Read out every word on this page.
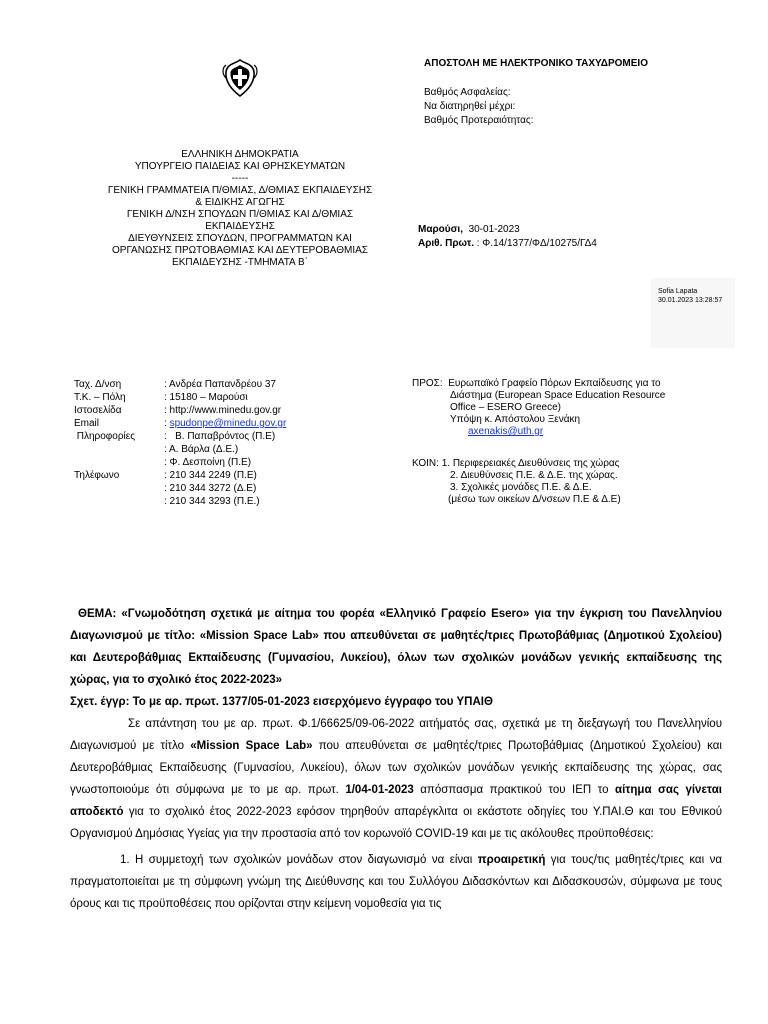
ΑΠΟΣΤΟΛΗ ΜΕ ΗΛΕΚΤΡΟΝΙΚΟ ΤΑΧΥΔΡΟΜΕΙΟ
Βαθμός Ασφαλείας:
Να διατηρηθεί μέχρι:
Βαθμός Προτεραιότητας:
ΕΛΛΗΝΙΚΗ ΔΗΜΟΚΡΑΤΙΑ
ΥΠΟΥΡΓΕΙΟ ΠΑΙΔΕΙΑΣ ΚΑΙ ΘΡΗΣΚΕΥΜΑΤΩΝ
-----
ΓΕΝΙΚΗ ΓΡΑΜΜΑΤΕΙΑ Π/ΘΜΙΑΣ, Δ/ΘΜΙΑΣ ΕΚΠΑΙΔΕΥΣΗΣ
& ΕΙΔΙΚΗΣ ΑΓΩΓΗΣ
ΓΕΝΙΚΗ Δ/ΝΣΗ ΣΠΟΥΔΩΝ Π/ΘΜΙΑΣ ΚΑΙ Δ/ΘΜΙΑΣ
ΕΚΠΑΙΔΕΥΣΗΣ
ΔΙΕΥΘΥΝΣΕΙΣ ΣΠΟΥΔΩΝ, ΠΡΟΓΡΑΜΜΑΤΩΝ ΚΑΙ
ΟΡΓΑΝΩΣΗΣ ΠΡΩΤΟΒΑΘΜΙΑΣ ΚΑΙ ΔΕΥΤΕΡΟΒΑΘΜΙΑΣ
ΕΚΠΑΙΔΕΥΣΗΣ -ΤΜΗΜΑΤΑ Β΄
Μαρούσι, 30-01-2023
Αριθ. Πρωτ. : Φ.14/1377/ΦΔ/10275/ΓΔ4
Sofia Lapata
30.01.2023 13:28:57
Ταχ. Δ/νση	: Ανδρέα Παπανδρέου 37
Τ.Κ. – Πόλη	: 15180 – Μαρούσι
Ιστοσελίδα	: http://www.minedu.gov.gr
Email	: spudonpe@minedu.gov.gr
Πληροφορίες	:   Β. Παπαβρόντος (Π.Ε)
: Α. Βάρλα (Δ.Ε.)
: Φ. Δεσποίνη (Π.Ε)
Τηλέφωνο	: 210 344 2249 (Π.Ε)
: 210 344 3272 (Δ.Ε)
: 210 344 3293 (Π.Ε.)
ΠΡΟΣ: Ευρωπαϊκό Γραφείο Πόρων Εκπαίδευσης για το
Διάστημα (European Space Education Resource
Office – ESERO Greece)
Υπόψη κ. Απόστολου Ξενάκη
axenakis@uth.gr
ΚΟΙΝ: 1. Περιφερειακές Διευθύνσεις της χώρας
2. Διευθύνσεις Π.Ε. & Δ.Ε. της χώρας.
3. Σχολικές μονάδες Π.Ε. & Δ.Ε.
(μέσω των οικείων Δ/νσεων Π.Ε & Δ.Ε)

ΘΕΜΑ: «Γνωμοδότηση σχετικά με αίτημα του φορέα «Ελληνικό Γραφείο Esero» για την έγκριση του Πανελληνίου Διαγωνισμού με τίτλο: «Mission Space Lab» που απευθύνεται σε μαθητές/τριες Πρωτοβάθμιας (Δημοτικού Σχολείου) και Δευτεροβάθμιας Εκπαίδευσης (Γυμνασίου, Λυκείου), όλων των σχολικών μονάδων γενικής εκπαίδευσης της χώρας, για το σχολικό έτος 2022-2023»

Σχετ. έγγρ: Το με αρ. πρωτ. 1377/05-01-2023 εισερχόμενο έγγραφο του ΥΠΑΙΘ

Σε απάντηση του με αρ. πρωτ. Φ.1/66625/09-06-2022 αιτήματός σας, σχετικά με τη διεξαγωγή του Πανελληνίου Διαγωνισμού με τίτλο «Mission Space Lab» που απευθύνεται σε μαθητές/τριες Πρωτοβάθμιας (Δημοτικού Σχολείου) και Δευτεροβάθμιας Εκπαίδευσης (Γυμνασίου, Λυκείου), όλων των σχολικών μονάδων γενικής εκπαίδευσης της χώρας, σας γνωστοποιούμε ότι σύμφωνα με το με αρ. πρωτ. 1/04-01-2023 απόσπασμα πρακτικού του ΙΕΠ το αίτημα σας γίνεται αποδεκτό για το σχολικό έτος 2022-2023 εφόσον τηρηθούν απαρέγκλιτα οι εκάστοτε οδηγίες του Υ.ΠΑΙ.Θ και του Εθνικού Οργανισμού Δημόσιας Υγείας για την προστασία από τον κορωνοϊό COVID-19 και με τις ακόλουθες προϋποθέσεις:

1. Η συμμετοχή των σχολικών μονάδων στον διαγωνισμό να είναι προαιρετική για τους/τις μαθητές/τριες και να πραγματοποιείται με τη σύμφωνη γνώμη της Διεύθυνσης και του Συλλόγου Διδασκόντων και Διδασκουσών, σύμφωνα με τους όρους και τις προϋποθέσεις που ορίζονται στην κείμενη νομοθεσία για τις
